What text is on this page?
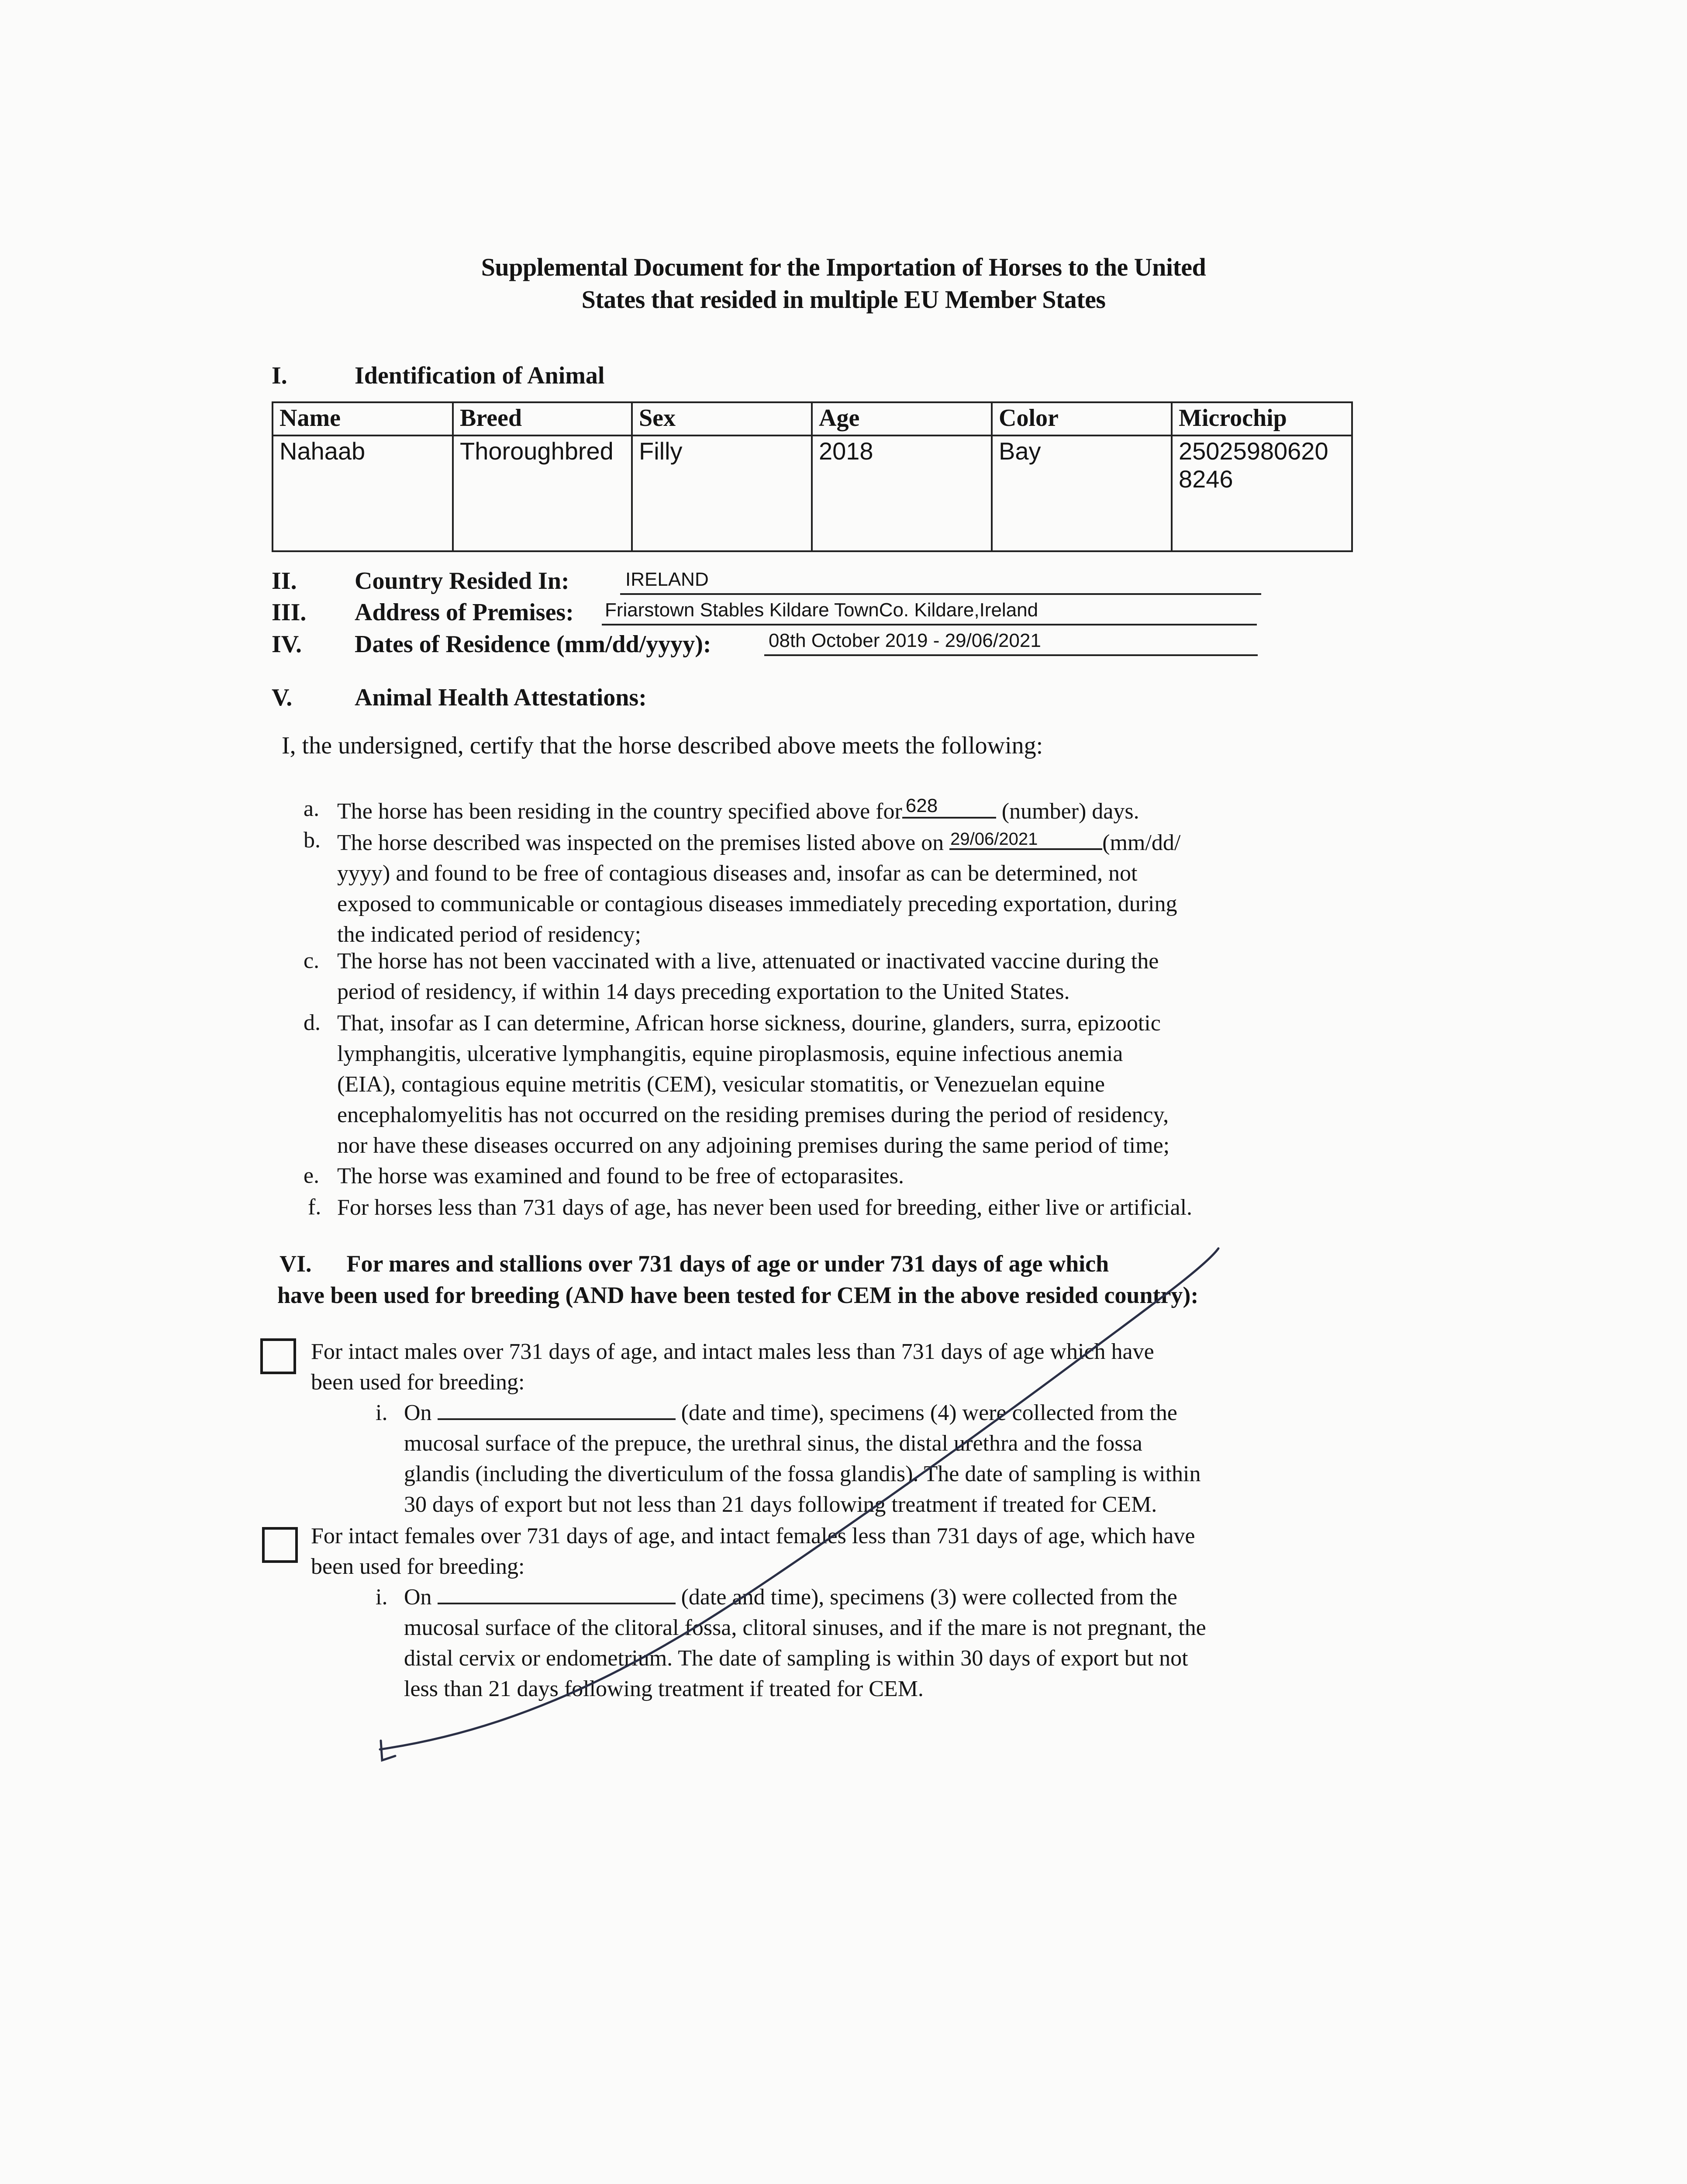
Supplemental Document for the Importation of Horses to the United
States that resided in multiple EU Member States
I.	Identification of Animal
Name	Breed	Sex	Age	Color	Microchip
Nahaab	Thoroughbred	Filly	2018	Bay	25025980620
8246
II. Country Resided In:	IRELAND
III. Address of Premises: Friarstown Stables Kildare TownCo. Kildare,Ireland
IV. Dates of Residence (mm/dd/yyyy):	08th October 2019 - 29/06/2021
V.	Animal Health Attestations:
I, the undersigned, certify that the horse described above meets the following:
a. The horse has been residing in the country specified above for 628	(number) days.
b. The horse described was inspected on the premises listed above on 29/06/2021	(mm/dd/
yyyy) and found to be free of contagious diseases and, insofar as can be determined, not
exposed to communicable or contagious diseases immediately preceding exportation, during
the indicated period of residency;
c. The horse has not been vaccinated with a live, attenuated or inactivated vaccine during the
period of residency, if within 14 days preceding exportation to the United States.
d. That, insofar as I can determine, African horse sickness, dourine, glanders, surra, epizootic
lymphangitis, ulcerative lymphangitis, equine piroplasmosis, equine infectious anemia
(EIA), contagious equine metritis (CEM), vesicular stomatitis, or Venezuelan equine
encephalomyelitis has not occurred on the residing premises during the period of residency,
nor have these diseases occurred on any adjoining premises during the same period of time;
e. The horse was examined and found to be free of ectoparasites.
f. For horses less than 731 days of age, has never been used for breeding, either live or artificial.
VI. For mares and stallions over 731 days of age or under 731 days of age which
have been used for breeding (AND have been tested for CEM in the above resided country):
For intact males over 731 days of age, and intact males less than 731 days of age which have
been used for breeding:
i. On	(date and time), specimens (4) were collected from the
mucosal surface of the prepuce, the urethral sinus, the distal urethra and the fossa
glandis (including the diverticulum of the fossa glandis). The date of sampling is within
30 days of export but not less than 21 days following treatment if treated for CEM.
For intact females over 731 days of age, and intact females less than 731 days of age, which have
been used for breeding:
i. On	(date and time), specimens (3) were collected from the
mucosal surface of the clitoral fossa, clitoral sinuses, and if the mare is not pregnant, the
distal cervix or endometrium. The date of sampling is within 30 days of export but not
less than 21 days following treatment if treated for CEM.
